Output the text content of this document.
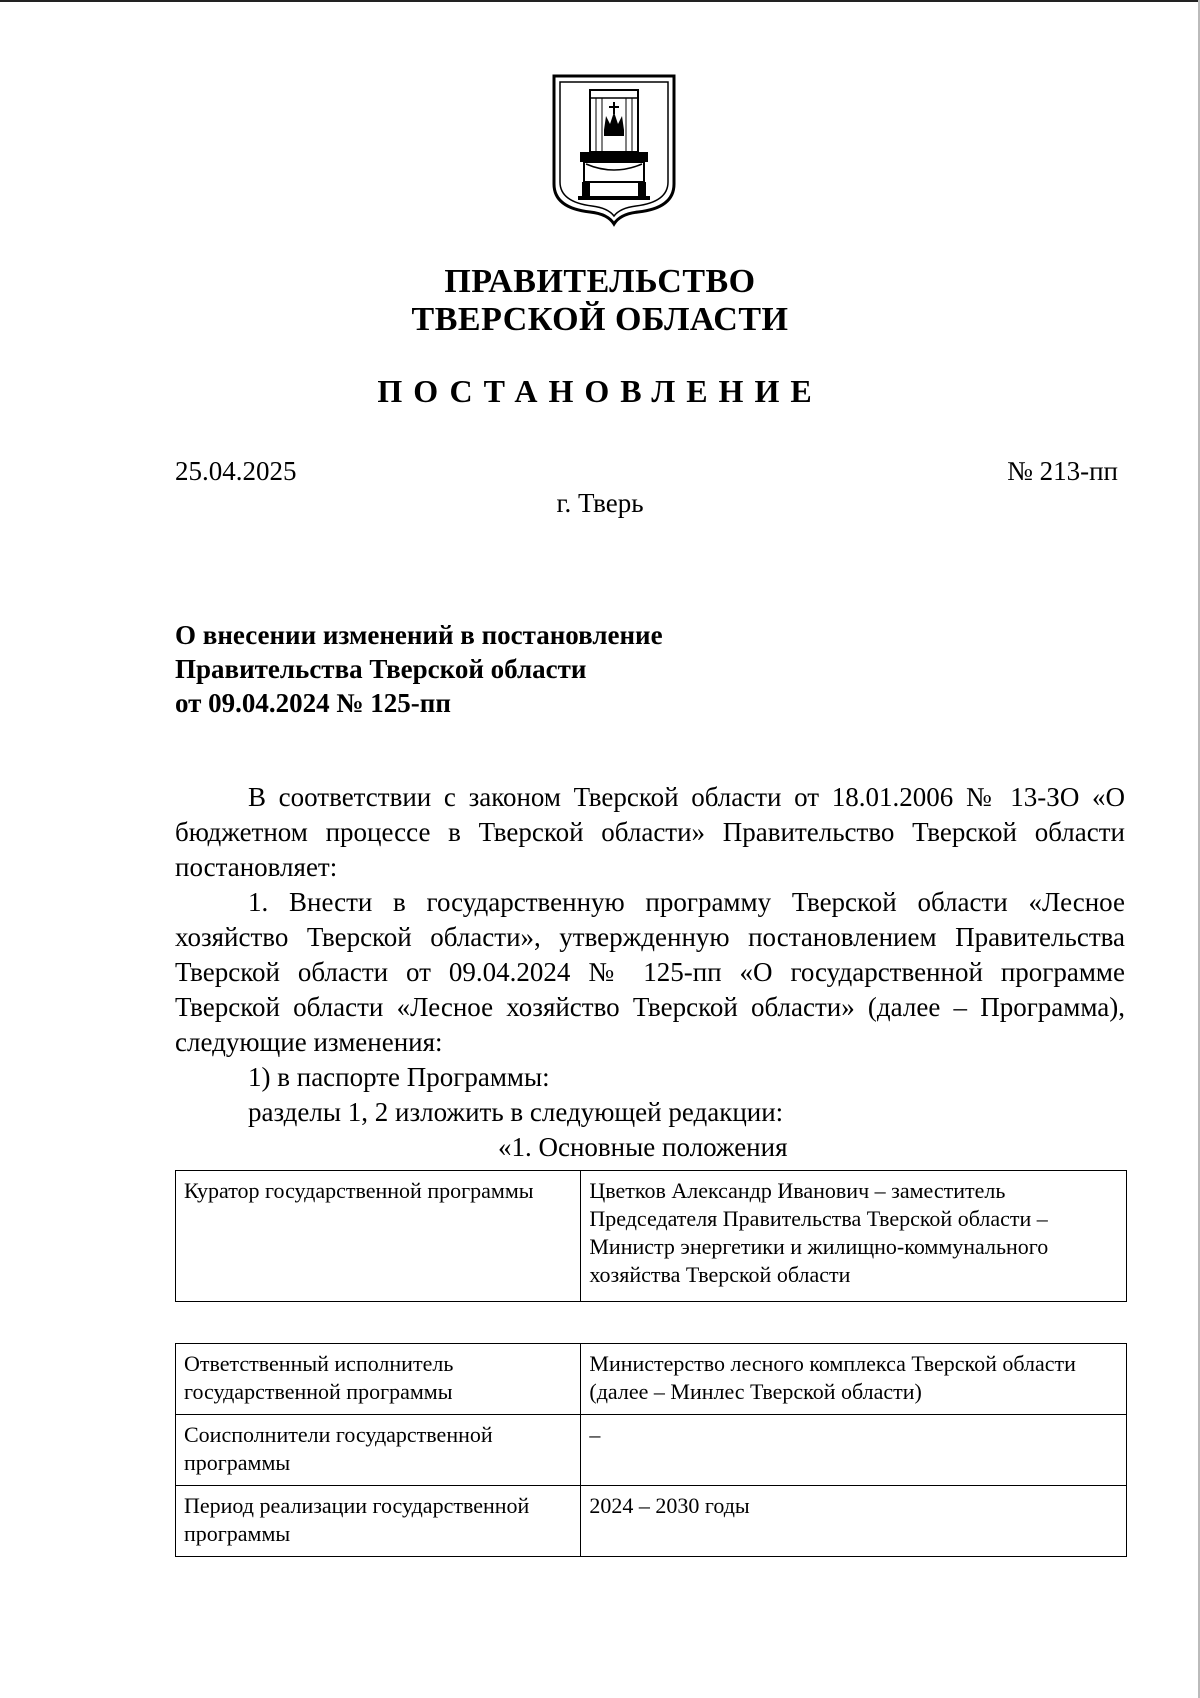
ПРАВИТЕЛЬСТВО
ТВЕРСКОЙ ОБЛАСТИ
ПОСТАНОВЛЕНИЕ
25.04.2025	№ 213-пп
г. Тверь
О внесении изменений в постановление
Правительства Тверской области
от 09.04.2024 № 125-пп

В соответствии с законом Тверской области от 18.01.2006 № 13-ЗО «О бюджетном процессе в Тверской области» Правительство Тверской области постановляет:

1. Внести в государственную программу Тверской области «Лесное хозяйство Тверской области», утвержденную постановлением Правительства Тверской области от 09.04.2024 № 125-пп «О государственной программе Тверской области «Лесное хозяйство Тверской области» (далее – Программа), следующие изменения:

1) в паспорте Программы:

разделы 1, 2 изложить в следующей редакции:

«1. Основные положения

Куратор государственной программы	Цветков Александр Иванович – заместитель Председателя Правительства Тверской области – Министр энергетики и жилищно-коммунального хозяйства Тверской области
Ответственный исполнитель государственной программы	Министерство лесного комплекса Тверской области (далее – Минлес Тверской области)
Соисполнители государственной программы	–
Период реализации государственной программы	2024 – 2030 годы
